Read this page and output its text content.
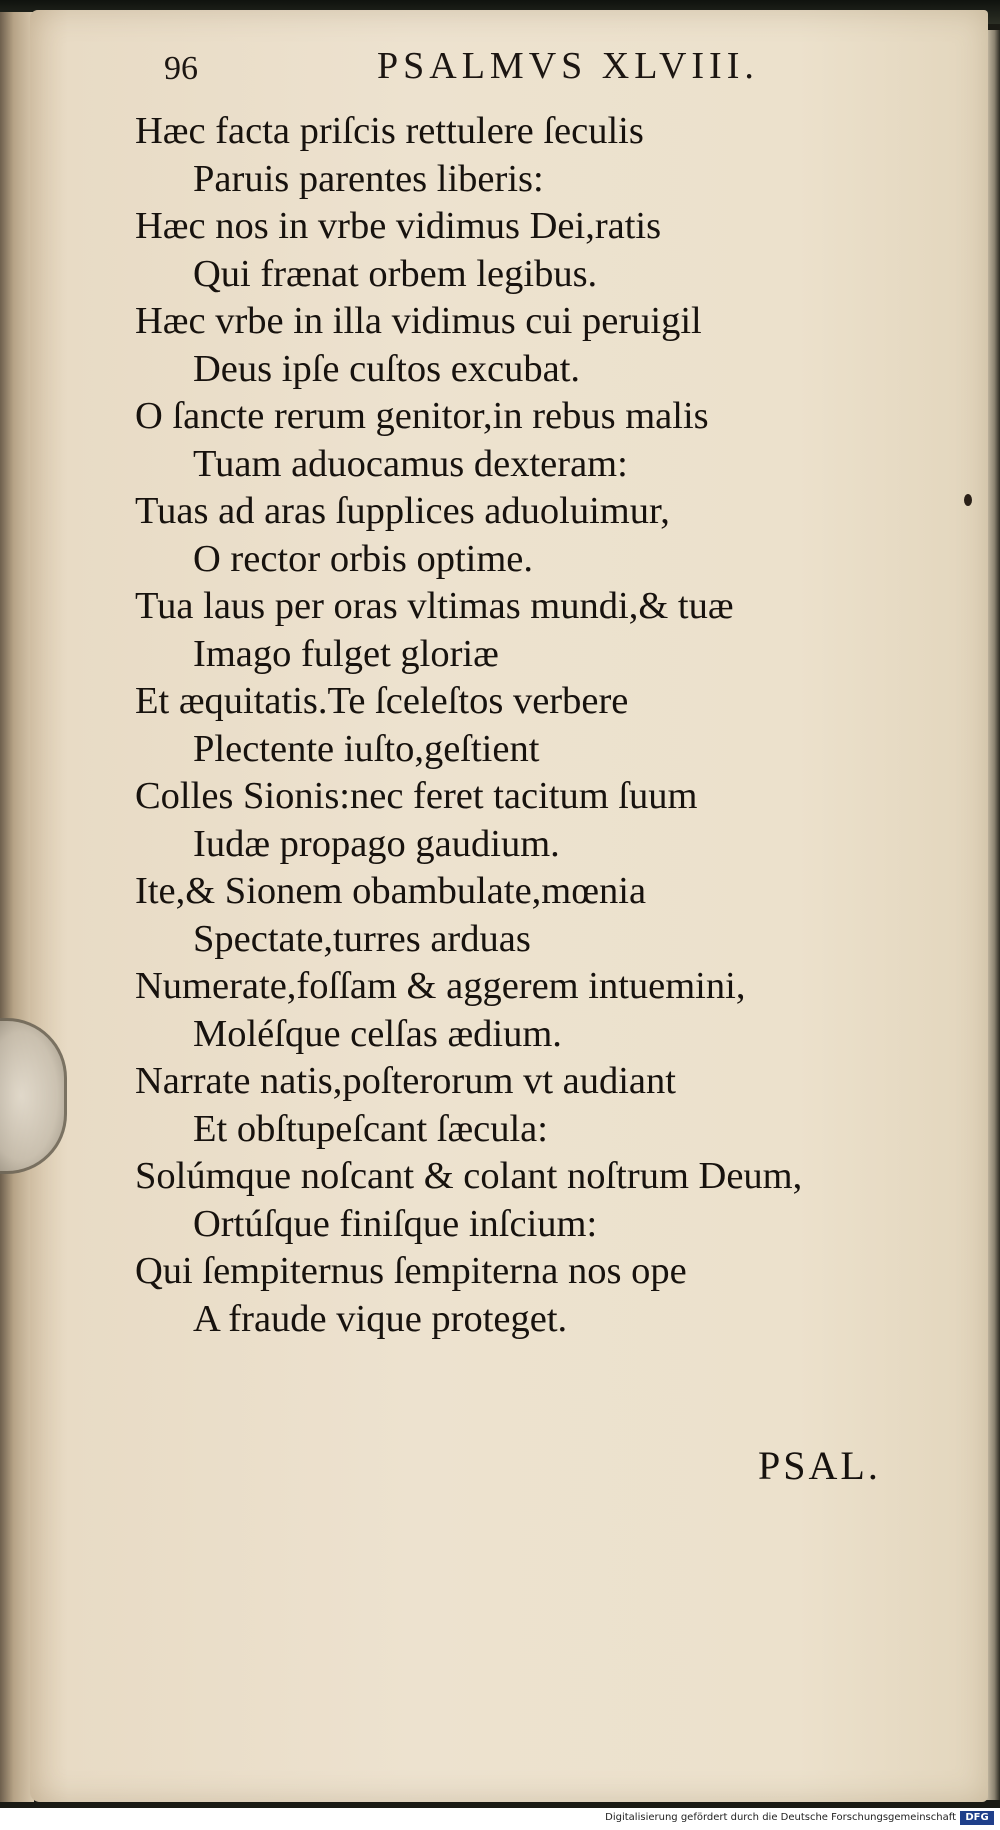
96	PSALMVS XLVIII.
Hæc facta priſcis rettulere ſeculis
Paruis parentes liberis:
Hæc nos in vrbe vidimus Dei,ratis
Qui frænat orbem legibus.
Hæc vrbe in illa vidimus cui peruigil
Deus ipſe cuſtos excubat.
O ſancte rerum genitor,in rebus malis
Tuam aduocamus dexteram:
Tuas ad aras ſupplices aduoluimur,
O rector orbis optime.
Tua laus per oras vltimas mundi,& tuæ
Imago fulget gloriæ
Et æquitatis.Te ſceleſtos verbere
Plectente iuſto,geſtient
Colles Sionis:nec feret tacitum ſuum
Iudæ propago gaudium.
Ite,& Sionem obambulate,mœnia
Spectate,turres arduas
Numerate,foſſam & aggerem intuemini,
Moléſque celſas ædium.
Narrate natis,poſterorum vt audiant
Et obſtupeſcant ſæcula:
Solúmque noſcant & colant noſtrum Deum,
Ortúſque finiſque inſcium:
Qui ſempiternus ſempiterna nos ope
A fraude vique proteget.
PSAL.
Digitalisierung gefördert durch die Deutsche Forschungsgemeinschaft DFG
